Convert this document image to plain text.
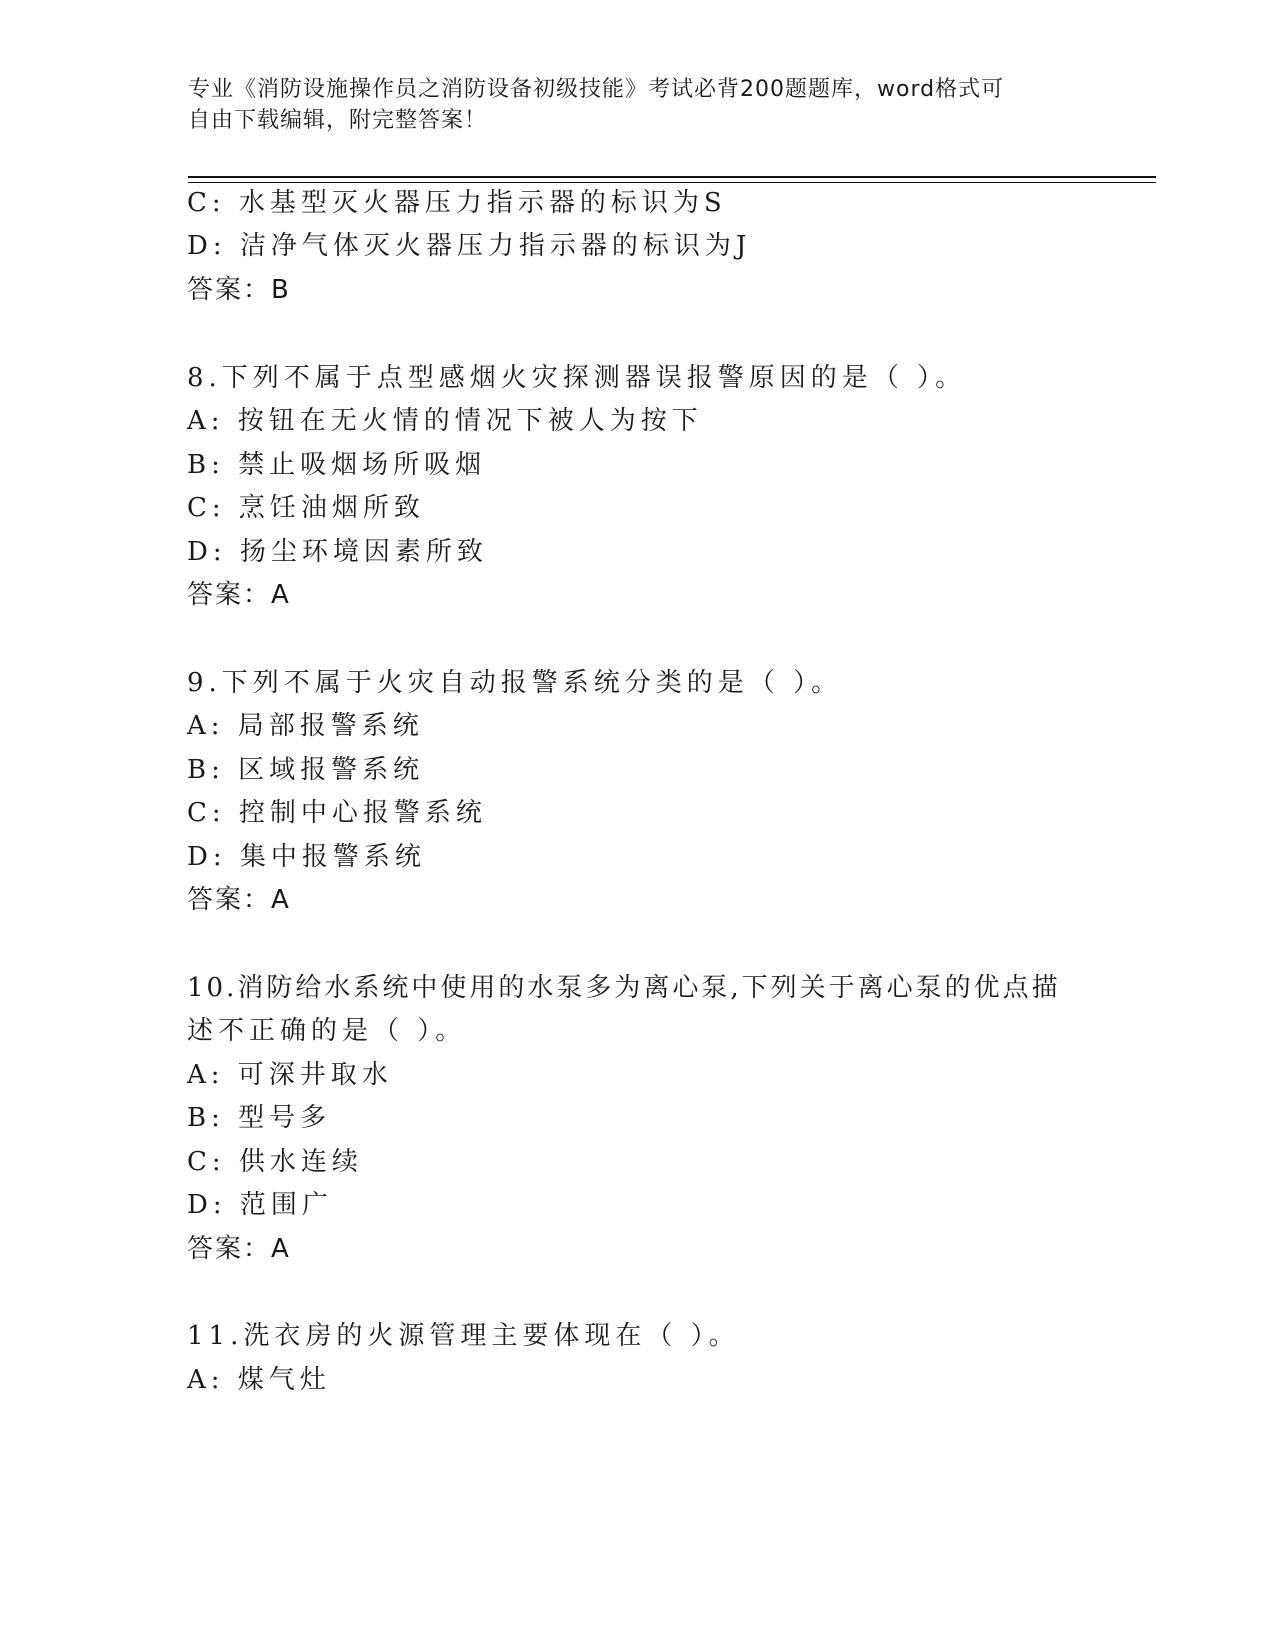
专业《消防设施操作员之消防设备初级技能》考试必背200题题库，word格式可
自由下载编辑，附完整答案！
C: 水基型灭火器压力指示器的标识为S
D: 洁净气体灭火器压力指示器的标识为J
答案：B
8.下列不属于点型感烟火灾探测器误报警原因的是（ ）。
A: 按钮在无火情的情况下被人为按下
B: 禁止吸烟场所吸烟
C: 烹饪油烟所致
D: 扬尘环境因素所致
答案：A
9.下列不属于火灾自动报警系统分类的是（ ）。
A: 局部报警系统
B: 区域报警系统
C: 控制中心报警系统
D: 集中报警系统
答案：A
10.消防给水系统中使用的水泵多为离心泵,下列关于离心泵的优点描
述不正确的是（ ）。
A: 可深井取水
B: 型号多
C: 供水连续
D: 范围广
答案：A
11.洗衣房的火源管理主要体现在（ ）。
A: 煤气灶
